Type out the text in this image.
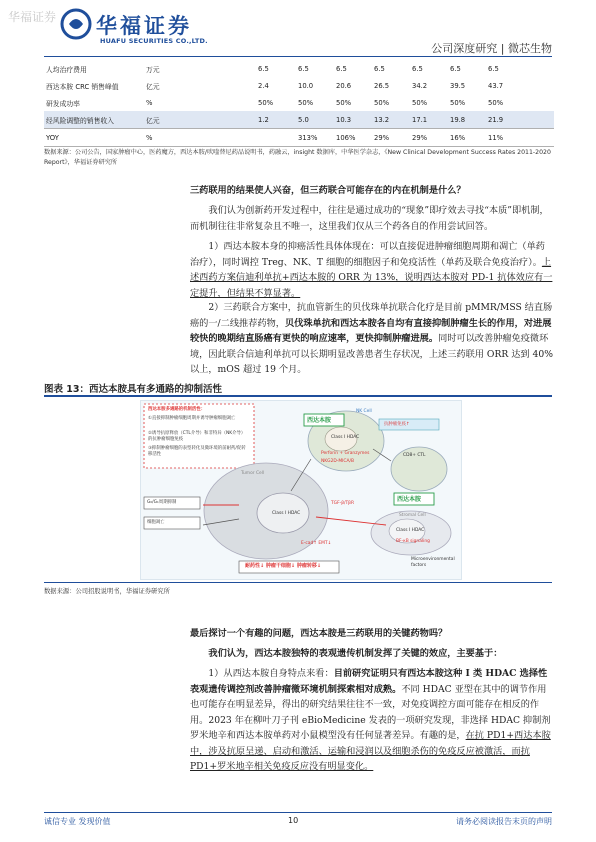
华福证券 华福证券
HUAFU SECURITIES CO.,LTD.
公司深度研究 | 微芯生物
人均治疗费用	万元	6.5	6.5	6.5	6.5	6.5	6.5	6.5
西达本胺 CRC 销售峰值	亿元	2.4	10.0	20.6	26.5	34.2	39.5	43.7
研发成功率	%	50%	50%	50%	50%	50%	50%	50%
经风险调整的销售收入	亿元	1.2	5.0	10.3	13.2	17.1	19.8	21.9
YOY	%		313%	106%	29%	29%	16%	11%
数据来源：公司公告，国家肿瘤中心，医药魔方，西达本胺/吠喹替尼药品说明书，药融云，insight 数据库，中华医学杂志，《New Clinical Development Success Rates 2011-2020 Report》，华福证券研究所
三药联用的结果使人兴奋，但三药联合可能存在的内在机制是什么？
我们认为创新药开发过程中，往往是通过成功的“现象”即疗效去寻找“本质”即机制，而机制往往非常复杂且不唯一，这里我们仅从三个药各自的作用尝试回答。
1）西达本胺本身的抑癌活性具体体现在：可以直接促进肿瘤细胞周期和凋亡（单药治疗），同时调控 Treg、NK、T 细胞的细胞因子和免疫活性（单药及联合免疫治疗）。上述西药方案信迪利单抗+西达本胺的 ORR 为 13%，说明西达本胺对 PD-1 抗体效应有一定提升，但结果不算显著。
2）三药联合方案中，抗血管新生的贝伐珠单抗联合化疗是目前 pMMR/MSS 结直肠癌的一/二线推荐药物，贝伐珠单抗和西达本胺各自均有直接抑制肿瘤生长的作用，对进展较快的晚期结直肠癌有更快的响应速率，更快抑制肿瘤进展。同时可以改善肿瘤免疫微环境，因此联合信迪利单抗可以长期明显改善患者生存状况，上述三药联用 ORR 达到 40%以上，mOS 超过 19 个月。
图表 13：西达本胺具有多通路的抑制活性
西达本胺多通路的机制活性：
①直接抑制肿瘤细胞周期并诱导肿瘤细胞凋亡
②诱导抗原释放（CTL介导）和非特异（NK介导）的抗肿瘤细胞免疫
③抑制肿瘤细胞的表型转化及微环境的前耐药/促转移活性
西达本胺
西达本胺
NK Cell
Class I HDAC
Perforin + Granzymes
NKG2D-MICA/B
抗肿瘤免疫↑
CD8+ CTL
Tumor Cell
Class I HDAC
G₀/G₁周期抑制
细胞凋亡
Stromal Cell
Class I HDAC
TGF-β/TβR
BF-κB signaling
Microenvironmental factors
E-cad↑ EMT↓
耐药性↓ 肿瘤干细胞↓ 肿瘤转移↓
数据来源：公司招股说明书，华福证券研究所
最后探讨一个有趣的问题，西达本胺是三药联用的关键药物吗？
我们认为，西达本胺独特的表观遗传机制发挥了关键的效应，主要基于：
1）从西达本胺自身特点来看：目前研究证明只有西达本胺这种 I 类 HDAC 选择性表观遗传调控剂改善肿瘤微环境机制探索相对成熟。不同 HDAC 亚型在其中的调节作用也可能存在明显差异，得出的研究结果往往不一致，对免疫调控方面可能存在相反的作用。2023 年在柳叶刀子刊 eBioMedicine 发表的一项研究发现，非选择 HDAC 抑制剂罗米地辛和西达本胺单药对小鼠模型没有任何显著差异。有趣的是，在抗 PD1+西达本胺中，涉及抗原呈递、启动和激活、运输和浸润以及细胞杀伤的免疫反应被激活，而抗 PD1+罗米地辛相关免疫反应没有明显变化。
诚信专业 发现价值	10	请务必阅读报告末页的声明
